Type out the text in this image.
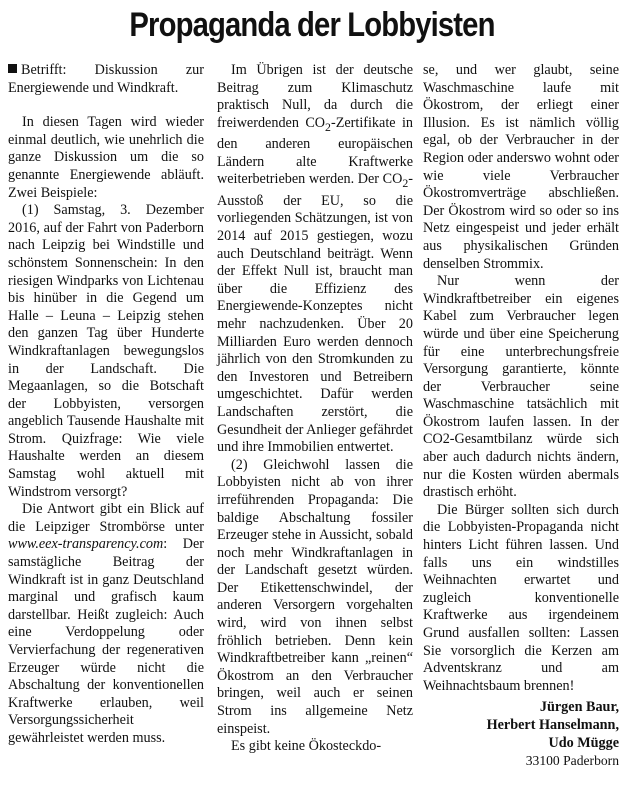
Propaganda der Lobbyisten

Betrifft: Diskussion zur Energiewende und Windkraft.

In diesen Tagen wird wieder einmal deutlich, wie unehrlich die ganze Diskussion um die so genannte Energiewende abläuft. Zwei Beispiele:

(1) Samstag, 3. Dezember 2016, auf der Fahrt von Paderborn nach Leipzig bei Windstille und schönstem Sonnenschein: In den riesigen Windparks von Lichtenau bis hinüber in die Gegend um Halle – Leuna – Leipzig stehen den ganzen Tag über Hunderte Windkraftanlagen bewegungslos in der Landschaft. Die Megaanlagen, so die Botschaft der Lobbyisten, versorgen angeblich Tausende Haushalte mit Strom. Quizfrage: Wie viele Haushalte werden an diesem Samstag wohl aktuell mit Windstrom versorgt?

Die Antwort gibt ein Blick auf die Leipziger Strombörse unter www.eex-transparency.com: Der samstägliche Beitrag der Windkraft ist in ganz Deutschland marginal und grafisch kaum darstellbar. Heißt zugleich: Auch eine Verdoppelung oder Vervierfachung der regenerativen Erzeuger würde nicht die Abschaltung der konventionellen Kraftwerke erlauben, weil Versorgungssicherheit gewährleistet werden muss.

Im Übrigen ist der deutsche Beitrag zum Klimaschutz praktisch Null, da durch die freiwerdenden $CO_2$-Zertifikate in den anderen europäischen Ländern alte Kraftwerke weiterbetrieben werden. Der $CO_2$-Ausstoß der EU, so die vorliegenden Schätzungen, ist von 2014 auf 2015 gestiegen, wozu auch Deutschland beiträgt. Wenn der Effekt Null ist, braucht man über die Effizienz des Energiewende-Konzeptes nicht mehr nachzudenken. Über 20 Milliarden Euro werden dennoch jährlich von den Stromkunden zu den Investoren und Betreibern umgeschichtet. Dafür werden Landschaften zerstört, die Gesundheit der Anlieger gefährdet und ihre Immobilien entwertet.

(2) Gleichwohl lassen die Lobbyisten nicht ab von ihrer irreführenden Propaganda: Die baldige Abschaltung fossiler Erzeuger stehe in Aussicht, sobald noch mehr Windkraftanlagen in der Landschaft gesetzt würden. Der Etikettenschwindel, der anderen Versorgern vorgehalten wird, wird von ihnen selbst fröhlich betrieben. Denn kein Windkraftbetreiber kann „reinen“ Ökostrom an den Verbraucher bringen, weil auch er seinen Strom ins allgemeine Netz einspeist.

Es gibt keine Ökosteckdo-

se, und wer glaubt, seine Waschmaschine laufe mit Ökostrom, der erliegt einer Illusion. Es ist nämlich völlig egal, ob der Verbraucher in der Region oder anderswo wohnt oder wie viele Verbraucher Ökostromverträge abschließen. Der Ökostrom wird so oder so ins Netz eingespeist und jeder erhält aus physikalischen Gründen denselben Strommix.

Nur wenn der Windkraftbetreiber ein eigenes Kabel zum Verbraucher legen würde und über eine Speicherung für eine unterbrechungsfreie Versorgung garantierte, könnte der Verbraucher seine Waschmaschine tatsächlich mit Ökostrom laufen lassen. In der CO2-Gesamtbilanz würde sich aber auch dadurch nichts ändern, nur die Kosten würden abermals drastisch erhöht.

Die Bürger sollten sich durch die Lobbyisten-Propaganda nicht hinters Licht führen lassen. Und falls uns ein windstilles Weihnachten erwartet und zugleich konventionelle Kraftwerke aus irgendeinem Grund ausfallen sollten: Lassen Sie vorsorglich die Kerzen am Adventskranz und am Weihnachtsbaum brennen!

Jürgen Baur,
Herbert Hanselmann,
Udo Mügge
33100 Paderborn
